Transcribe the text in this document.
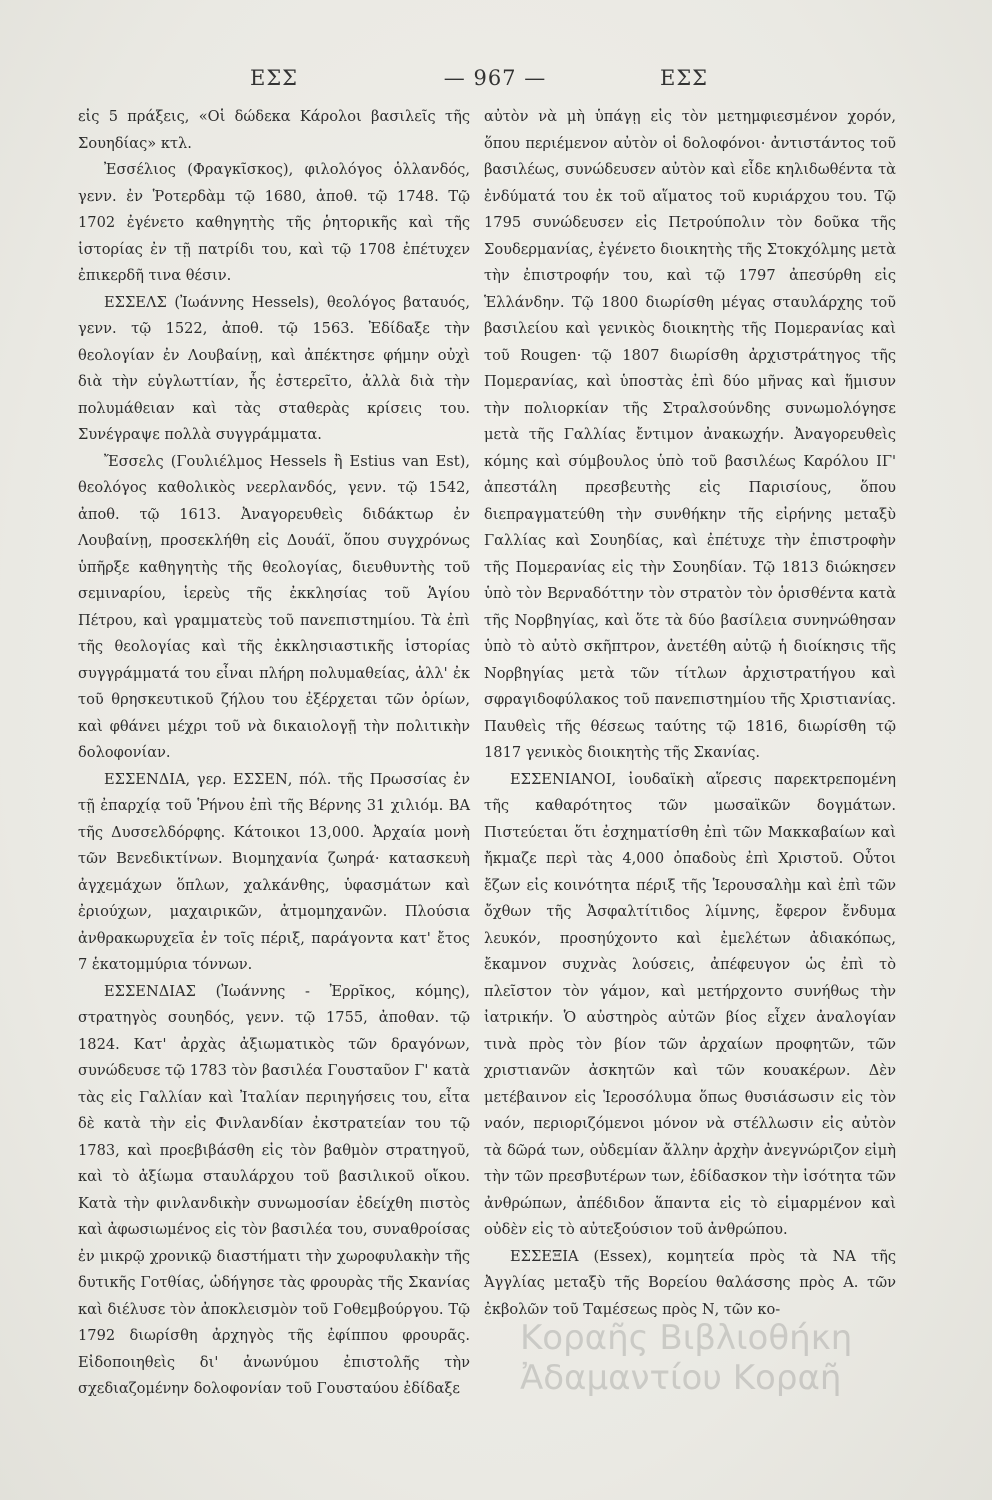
ΕΣΣ	— 967 —	ΕΣΣ

εἰς 5 πράξεις, «Οἱ δώδεκα Κάρολοι βασιλεῖς τῆς Σουηδίας» κτλ.

Ἐσσέλιος (Φραγκῖσκος), φιλολόγος ὁλλανδός, γενν. ἐν Ῥοτερδὰμ τῷ 1680, ἀποθ. τῷ 1748. Τῷ 1702 ἐγένετο καθηγητὴς τῆς ῥητορικῆς καὶ τῆς ἱστορίας ἐν τῇ πατρίδι του, καὶ τῷ 1708 ἐπέτυχεν ἐπικερδῆ τινα θέσιν.

ΕΣΣΕΛΣ (Ἰωάννης Hessels), θεολόγος βαταυός, γενν. τῷ 1522, ἀποθ. τῷ 1563. Ἐδίδαξε τὴν θεολογίαν ἐν Λουβαίνῃ, καὶ ἀπέκτησε φήμην οὐχὶ διὰ τὴν εὐγλωττίαν, ἧς ἐστερεῖτο, ἀλλὰ διὰ τὴν πολυμάθειαν καὶ τὰς σταθερὰς κρίσεις του. Συνέγραψε πολλὰ συγγράμματα.

Ἔσσελς (Γουλιέλμος Hessels ἢ Estius van Est), θεολόγος καθολικὸς νεερλανδός, γενν. τῷ 1542, ἀποθ. τῷ 1613. Ἀναγορευθεὶς διδάκτωρ ἐν Λουβαίνῃ, προσεκλήθη εἰς Δουάϊ, ὅπου συγχρόνως ὑπῆρξε καθηγητὴς τῆς θεολογίας, διευθυντὴς τοῦ σεμιναρίου, ἱερεὺς τῆς ἐκκλησίας τοῦ Ἁγίου Πέτρου, καὶ γραμματεὺς τοῦ πανεπιστημίου. Τὰ ἐπὶ τῆς θεολογίας καὶ τῆς ἐκκλησιαστικῆς ἱστορίας συγγράμματά του εἶναι πλήρη πολυμαθείας, ἀλλ' ἐκ τοῦ θρησκευτικοῦ ζήλου του ἐξέρχεται τῶν ὁρίων, καὶ φθάνει μέχρι τοῦ νὰ δικαιολογῇ τὴν πολιτικὴν δολοφονίαν.

ΕΣΣΕΝΔΙΑ, γερ. ΕΣΣΕΝ, πόλ. τῆς Πρωσσίας ἐν τῇ ἐπαρχίᾳ τοῦ Ῥήνου ἐπὶ τῆς Βέρνης 31 χιλιόμ. ΒΑ τῆς Δυσσελδόρφης. Κάτοικοι 13,000. Ἀρχαία μονὴ τῶν Βενεδικτίνων. Βιομηχανία ζωηρά· κατασκευὴ ἀγχεμάχων ὅπλων, χαλκάνθης, ὑφασμάτων καὶ ἐριούχων, μαχαιρικῶν, ἀτμομηχανῶν. Πλούσια ἀνθρακωρυχεῖα ἐν τοῖς πέριξ, παράγοντα κατ' ἔτος 7 ἑκατομμύρια τόννων.

ΕΣΣΕΝΔΙΑΣ (Ἰωάννης - Ἐρρῖκος, κόμης), στρατηγὸς σουηδός, γενν. τῷ 1755, ἀποθαν. τῷ 1824. Κατ' ἀρχὰς ἀξιωματικὸς τῶν δραγόνων, συνώδευσε τῷ 1783 τὸν βασιλέα Γουσταῦον Γ' κατὰ τὰς εἰς Γαλλίαν καὶ Ἰταλίαν περιηγήσεις του, εἶτα δὲ κατὰ τὴν εἰς Φινλανδίαν ἐκστρατείαν του τῷ 1783, καὶ προεβιβάσθη εἰς τὸν βαθμὸν στρατηγοῦ, καὶ τὸ ἀξίωμα σταυλάρχου τοῦ βασιλικοῦ οἴκου. Κατὰ τὴν φινλανδικὴν συνωμοσίαν ἐδείχθη πιστὸς καὶ ἀφωσιωμένος εἰς τὸν βασιλέα του, συναθροίσας ἐν μικρῷ χρονικῷ διαστήματι τὴν χωροφυλακὴν τῆς δυτικῆς Γοτθίας, ὡδήγησε τὰς φρουρὰς τῆς Σκανίας καὶ διέλυσε τὸν ἀποκλεισμὸν τοῦ Γοθεμβούργου. Τῷ 1792 διωρίσθη ἀρχηγὸς τῆς ἐφίππου φρουρᾶς. Εἰδοποιηθεὶς δι' ἀνωνύμου ἐπιστολῆς τὴν σχεδιαζομένην δολοφονίαν τοῦ Γουσταύου ἐδίδαξε

αὐτὸν νὰ μὴ ὑπάγῃ εἰς τὸν μετημφιεσμένον χορόν, ὅπου περιέμενον αὐτὸν οἱ δολοφόνοι· ἀντιστάντος τοῦ βασιλέως, συνώδευσεν αὐτὸν καὶ εἶδε κηλιδωθέντα τὰ ἐνδύματά του ἐκ τοῦ αἵματος τοῦ κυριάρχου του. Τῷ 1795 συνώδευσεν εἰς Πετρούπολιν τὸν δοῦκα τῆς Σουδερμανίας, ἐγένετο διοικητὴς τῆς Στοκχόλμης μετὰ τὴν ἐπιστροφήν του, καὶ τῷ 1797 ἀπεσύρθη εἰς Ἑλλάνδην. Τῷ 1800 διωρίσθη μέγας σταυλάρχης τοῦ βασιλείου καὶ γενικὸς διοικητὴς τῆς Πομερανίας καὶ τοῦ Rougen· τῷ 1807 διωρίσθη ἀρχιστράτηγος τῆς Πομερανίας, καὶ ὑποστὰς ἐπὶ δύο μῆνας καὶ ἥμισυν τὴν πολιορκίαν τῆς Στραλσούνδης συνωμολόγησε μετὰ τῆς Γαλλίας ἔντιμον ἀνακωχήν. Ἀναγορευθεὶς κόμης καὶ σύμβουλος ὑπὸ τοῦ βασιλέως Καρόλου ΙΓ' ἀπεστάλη πρεσβευτὴς εἰς Παρισίους, ὅπου διεπραγματεύθη τὴν συνθήκην τῆς εἰρήνης μεταξὺ Γαλλίας καὶ Σουηδίας, καὶ ἐπέτυχε τὴν ἐπιστροφὴν τῆς Πομερανίας εἰς τὴν Σουηδίαν. Τῷ 1813 διώκησεν ὑπὸ τὸν Βερναδόττην τὸν στρατὸν τὸν ὁρισθέντα κατὰ τῆς Νορβηγίας, καὶ ὅτε τὰ δύο βασίλεια συνηνώθησαν ὑπὸ τὸ αὐτὸ σκῆπτρον, ἀνετέθη αὐτῷ ἡ διοίκησις τῆς Νορβηγίας μετὰ τῶν τίτλων ἀρχιστρατήγου καὶ σφραγιδοφύλακος τοῦ πανεπιστημίου τῆς Χριστιανίας. Παυθεὶς τῆς θέσεως ταύτης τῷ 1816, διωρίσθη τῷ 1817 γενικὸς διοικητὴς τῆς Σκανίας.

ΕΣΣΕΝΙΑΝΟΙ, ἰουδαϊκὴ αἵρεσις παρεκτρεπομένη τῆς καθαρότητος τῶν μωσαϊκῶν δογμάτων. Πιστεύεται ὅτι ἐσχηματίσθη ἐπὶ τῶν Μακκαβαίων καὶ ἤκμαζε περὶ τὰς 4,000 ὀπαδοὺς ἐπὶ Χριστοῦ. Οὗτοι ἔζων εἰς κοινότητα πέριξ τῆς Ἱερουσαλὴμ καὶ ἐπὶ τῶν ὄχθων τῆς Ἀσφαλτίτιδος λίμνης, ἔφερον ἔνδυμα λευκόν, προσηύχοντο καὶ ἐμελέτων ἀδιακόπως, ἔκαμνον συχνὰς λούσεις, ἀπέφευγον ὡς ἐπὶ τὸ πλεῖστον τὸν γάμον, καὶ μετήρχοντο συνήθως τὴν ἰατρικήν. Ὁ αὐστηρὸς αὐτῶν βίος εἶχεν ἀναλογίαν τινὰ πρὸς τὸν βίον τῶν ἀρχαίων προφητῶν, τῶν χριστιανῶν ἀσκητῶν καὶ τῶν κουακέρων. Δὲν μετέβαινον εἰς Ἱεροσόλυμα ὅπως θυσιάσωσιν εἰς τὸν ναόν, περιοριζόμενοι μόνον νὰ στέλλωσιν εἰς αὐτὸν τὰ δῶρά των, οὐδεμίαν ἄλλην ἀρχὴν ἀνεγνώριζον εἰμὴ τὴν τῶν πρεσβυτέρων των, ἐδίδασκον τὴν ἰσότητα τῶν ἀνθρώπων, ἀπέδιδον ἅπαντα εἰς τὸ εἱμαρμένον καὶ οὐδὲν εἰς τὸ αὐτεξούσιον τοῦ ἀνθρώπου.

ΕΣΣΕΞΙΑ (Essex), κομητεία πρὸς τὰ ΝΑ τῆς Ἀγγλίας μεταξὺ τῆς Βορείου θαλάσσης πρὸς Α. τῶν ἐκβολῶν τοῦ Ταμέσεως πρὸς Ν, τῶν κο-

Κοραῆς Βιβλιοθήκη
Ἀδαμαντίου Κοραῆ
